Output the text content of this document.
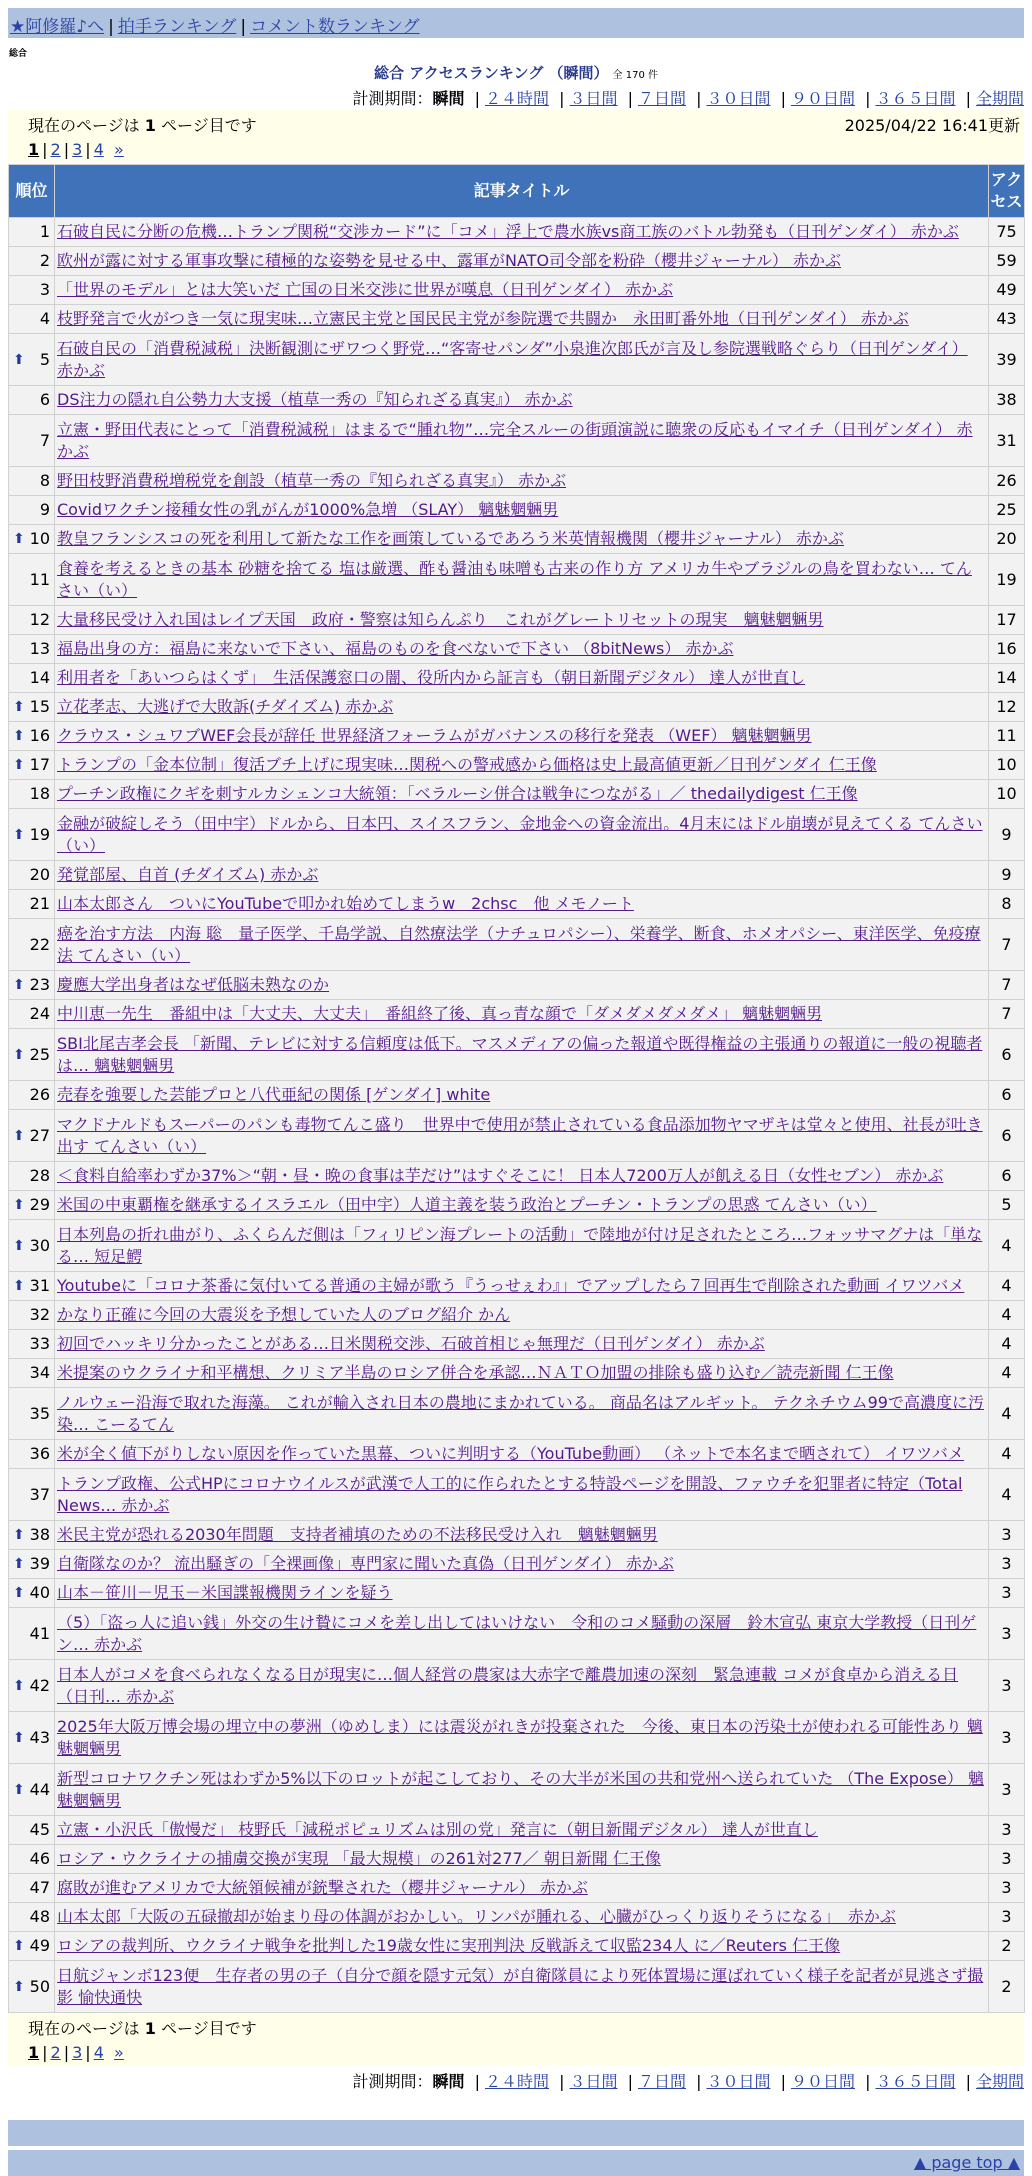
★阿修羅♪へ | 拍手ランキング | コメント数ランキング
総合
総合 アクセスランキング （瞬間） 全 170 件
計測期間：瞬間 | ２４時間 | ３日間 | ７日間 | ３０日間 | ９０日間 | ３６５日間 | 全期間
現在のページは 1 ページ目です	2025/04/22 16:41更新
1 | 2 | 3 | 4 »
順位	記事タイトル	アクセス
1	石破自民に分断の危機…トランプ関税“交渉カード”に「コメ」浮上で農水族vs商工族のバトル勃発も（日刊ゲンダイ） 赤かぶ	75
2	欧州が露に対する軍事攻撃に積極的な姿勢を見せる中、露軍がNATO司令部を粉砕（櫻井ジャーナル） 赤かぶ	59
3	「世界のモデル」とは大笑いだ 亡国の日米交渉に世界が嘆息（日刊ゲンダイ） 赤かぶ	49
4	枝野発言で火がつき一気に現実味…立憲民主党と国民民主党が参院選で共闘か　永田町番外地（日刊ゲンダイ） 赤かぶ	43

⬆ 5	石破自民の「消費税減税」決断観測にザワつく野党…“客寄せパンダ”小泉進次郎氏が言及し参院選戦略ぐらり（日刊ゲンダイ） 赤かぶ	39
6	DS注力の隠れ自公勢力大支援（植草一秀の『知られざる真実』） 赤かぶ	38
7	立憲・野田代表にとって「消費税減税」はまるで“腫れ物”…完全スルーの街頭演説に聴衆の反応もイマイチ（日刊ゲンダイ） 赤かぶ	31
8	野田枝野消費税増税党を創設（植草一秀の『知られざる真実』） 赤かぶ	26
9	Covidワクチン接種女性の乳がんが1000%急増 （SLAY） 魑魅魍魎男	25

⬆ 10	教皇フランシスコの死を利用して新たな工作を画策しているであろう米英情報機関（櫻井ジャーナル） 赤かぶ	20
11	食養を考えるときの基本 砂糖を捨てる 塩は厳選、酢も醤油も味噌も古来の作り方 アメリカ牛やブラジルの鳥を買わない… てんさい（い）	19
12	大量移民受け入れ国はレイプ天国　政府・警察は知らんぷり　これがグレートリセットの現実　魑魅魍魎男	17
13	福島出身の方：福島に来ないで下さい、福島のものを食べないで下さい （8bitNews） 赤かぶ	16
14	利用者を「あいつらはくず」　生活保護窓口の闇、役所内から証言も（朝日新聞デジタル） 達人が世直し	14

⬆ 15	立花孝志、大逃げで大敗訴(チダイズム) 赤かぶ	12

⬆ 16	クラウス・シュワブWEF会長が辞任 世界経済フォーラムがガバナンスの移行を発表 （WEF） 魑魅魍魎男	11

⬆ 17	トランプの「金本位制」復活ブチ上げに現実味…関税への警戒感から価格は史上最高値更新／日刊ゲンダイ 仁王像	10
18	プーチン政権にクギを刺すルカシェンコ大統領：「ベラルーシ併合は戦争につながる」／ thedailydigest 仁王像	10

⬆ 19	金融が破綻しそう（田中宇）ドルから、日本円、スイスフラン、金地金への資金流出。4月末にはドル崩壊が見えてくる てんさい（い）	9
20	発覚部屋、自首 (チダイズム) 赤かぶ	9
21	山本太郎さん　ついにYouTubeで叩かれ始めてしまうw　2chsc　他 メモノート	8
22	癌を治す方法　内海 聡　量子医学、千島学説、自然療法学（ナチュロパシー）、栄養学、断食、ホメオパシー、東洋医学、免疫療法 てんさい（い）	7

⬆ 23	慶應大学出身者はなぜ低脳未熟なのか	7
24	中川恵一先生　番組中は「大丈夫、大丈夫」　番組終了後、真っ青な顔で「ダメダメダメダメ」 魑魅魍魎男	7

⬆ 25	SBI北尾吉孝会長 「新聞、テレビに対する信頼度は低下。マスメディアの偏った報道や既得権益の主張通りの報道に一般の視聴者は… 魑魅魍魎男	6
26	売春を強要した芸能プロと八代亜紀の関係 [ゲンダイ] white	6

⬆ 27	マクドナルドもスーパーのパンも毒物てんこ盛り　世界中で使用が禁止されている食品添加物ヤマザキは堂々と使用、社長が吐き出す てんさい（い）	6
28	＜食料自給率わずか37%＞“朝・昼・晩の食事は芋だけ”はすぐそこに！ 日本人7200万人が飢える日（女性セブン） 赤かぶ	6

⬆ 29	米国の中東覇権を継承するイスラエル（田中宇）人道主義を装う政治とプーチン・トランプの思惑 てんさい（い）	5

⬆ 30	日本列島の折れ曲がり、ふくらんだ側は「フィリピン海プレートの活動」で陸地が付け足されたところ…フォッサマグナは「単なる… 短足鰐	4

⬆ 31	Youtubeに「コロナ茶番に気付いてる普通の主婦が歌う『うっせぇわ』」でアップしたら７回再生で削除された動画 イワツバメ	4
32	かなり正確に今回の大震災を予想していた人のブログ紹介 かん	4
33	初回でハッキリ分かったことがある…日米関税交渉、石破首相じゃ無理だ（日刊ゲンダイ） 赤かぶ	4
34	米提案のウクライナ和平構想、クリミア半島のロシア併合を承認…ＮＡＴＯ加盟の排除も盛り込む／読売新聞 仁王像	4
35	ノルウェー沿海で取れた海藻。 これが輸入され日本の農地にまかれている。 商品名はアルギット。 テクネチウム99で高濃度に汚染… こーるてん	4
36	米が全く値下がりしない原因を作っていた黒幕、ついに判明する（YouTube動画） （ネットで本名まで晒されて） イワツバメ	4
37	トランプ政権、公式HPにコロナウイルスが武漢で人工的に作られたとする特設ページを開設、ファウチを犯罪者に特定（Total News… 赤かぶ	4

⬆ 38	米民主党が恐れる2030年問題　支持者補填のための不法移民受け入れ　魑魅魍魎男	3

⬆ 39	自衛隊なのか？ 流出騒ぎの「全裸画像」専門家に聞いた真偽（日刊ゲンダイ） 赤かぶ	3

⬆ 40	山本－笹川－児玉－米国諜報機関ラインを疑う	3
41	（5）「盗っ人に追い銭」外交の生け贄にコメを差し出してはいけない　令和のコメ騒動の深層　鈴木宣弘 東京大学教授（日刊ゲン… 赤かぶ	3

⬆ 42	日本人がコメを食べられなくなる日が現実に…個人経営の農家は大赤字で離農加速の深刻　緊急連載 コメが食卓から消える日（日刊… 赤かぶ	3

⬆ 43	2025年大阪万博会場の埋立中の夢洲（ゆめしま）には震災がれきが投棄された　今後、東日本の汚染土が使われる可能性あり 魑魅魍魎男	3

⬆ 44	新型コロナワクチン死はわずか5%以下のロットが起こしており、その大半が米国の共和党州へ送られていた （The Expose） 魑魅魍魎男	3
45	立憲・小沢氏「傲慢だ」 枝野氏「減税ポピュリズムは別の党」発言に（朝日新聞デジタル） 達人が世直し	3
46	ロシア・ウクライナの捕虜交換が実現 「最大規模」の261対277／ 朝日新聞 仁王像	3
47	腐敗が進むアメリカで大統領候補が銃撃された（櫻井ジャーナル） 赤かぶ	3
48	山本太郎「大阪の五碌撤却が始まり母の体調がおかしい。リンパが腫れる、心臓がひっくり返りそうになる」　赤かぶ	3

⬆ 49	ロシアの裁判所、ウクライナ戦争を批判した19歳女性に実刑判決 反戦訴えて収監234人 に／Reuters 仁王像	2

⬆ 50	日航ジャンボ123便　生存者の男の子（自分で顔を隠す元気）が自衛隊員により死体置場に運ばれていく様子を記者が見逃さず撮影 愉快通快	2
現在のページは 1 ページ目です
1 | 2 | 3 | 4 »
計測期間：瞬間 | ２４時間 | ３日間 | ７日間 | ３０日間 | ９０日間 | ３６５日間 | 全期間
▲ page top ▲
